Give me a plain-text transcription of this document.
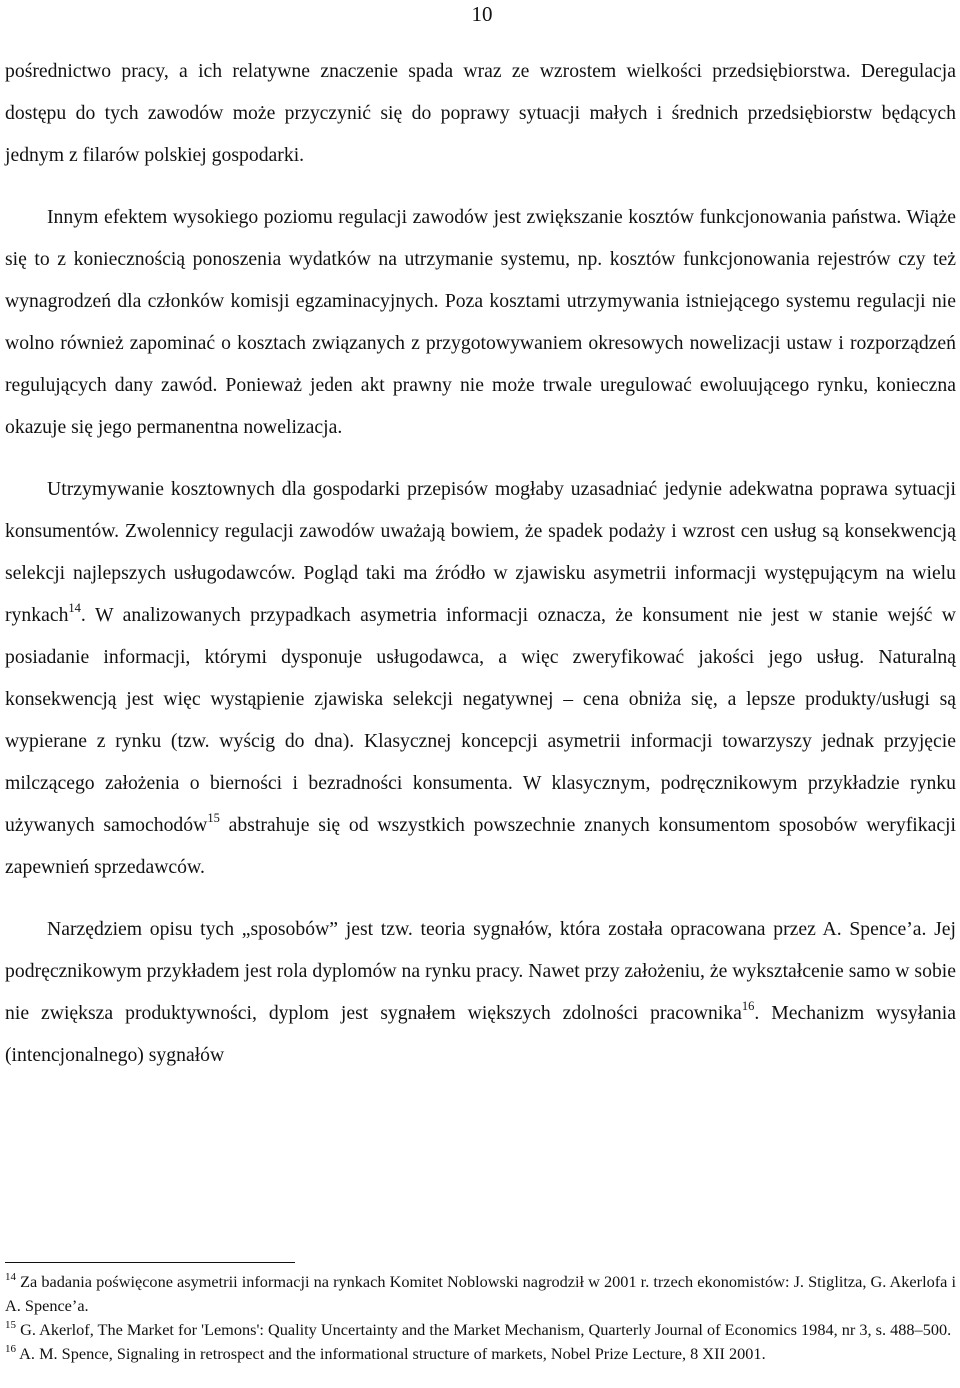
10

pośrednictwo pracy, a ich relatywne znaczenie spada wraz ze wzrostem wielkości przedsiębiorstwa. Deregulacja dostępu do tych zawodów może przyczynić się do poprawy sytuacji małych i średnich przedsiębiorstw będących jednym z filarów polskiej gospodarki.

Innym efektem wysokiego poziomu regulacji zawodów jest zwiększanie kosztów funkcjonowania państwa. Wiąże się to z koniecznością ponoszenia wydatków na utrzymanie systemu, np. kosztów funkcjonowania rejestrów czy też wynagrodzeń dla członków komisji egzaminacyjnych. Poza kosztami utrzymywania istniejącego systemu regulacji nie wolno również zapominać o kosztach związanych z przygotowywaniem okresowych nowelizacji ustaw i rozporządzeń regulujących dany zawód. Ponieważ jeden akt prawny nie może trwale uregulować ewoluującego rynku, konieczna okazuje się jego permanentna nowelizacja.

Utrzymywanie kosztownych dla gospodarki przepisów mogłaby uzasadniać jedynie adekwatna poprawa sytuacji konsumentów. Zwolennicy regulacji zawodów uważają bowiem, że spadek podaży i wzrost cen usług są konsekwencją selekcji najlepszych usługodawców. Pogląd taki ma źródło w zjawisku asymetrii informacji występującym na wielu rynkach$^{14}$. W analizowanych przypadkach asymetria informacji oznacza, że konsument nie jest w stanie wejść w posiadanie informacji, którymi dysponuje usługodawca, a więc zweryfikować jakości jego usług. Naturalną konsekwencją jest więc wystąpienie zjawiska selekcji negatywnej – cena obniża się, a lepsze produkty/usługi są wypierane z rynku (tzw. wyścig do dna). Klasycznej koncepcji asymetrii informacji towarzyszy jednak przyjęcie milczącego założenia o bierności i bezradności konsumenta. W klasycznym, podręcznikowym przykładzie rynku używanych samochodów$^{15}$ abstrahuje się od wszystkich powszechnie znanych konsumentom sposobów weryfikacji zapewnień sprzedawców.

Narzędziem opisu tych „sposobów” jest tzw. teoria sygnałów, która została opracowana przez A. Spence’a. Jej podręcznikowym przykładem jest rola dyplomów na rynku pracy. Nawet przy założeniu, że wykształcenie samo w sobie nie zwiększa produktywności, dyplom jest sygnałem większych zdolności pracownika$^{16}$. Mechanizm wysyłania (intencjonalnego) sygnałów

$^{14}$ Za badania poświęcone asymetrii informacji na rynkach Komitet Noblowski nagrodził w 2001 r. trzech ekonomistów: J. Stiglitza, G. Akerlofa i A. Spence’a.

$^{15}$ G. Akerlof, The Market for 'Lemons': Quality Uncertainty and the Market Mechanism, Quarterly Journal of Economics 1984, nr 3, s. 488–500.

$^{16}$ A. M. Spence, Signaling in retrospect and the informational structure of markets, Nobel Prize Lecture, 8 XII 2001.
